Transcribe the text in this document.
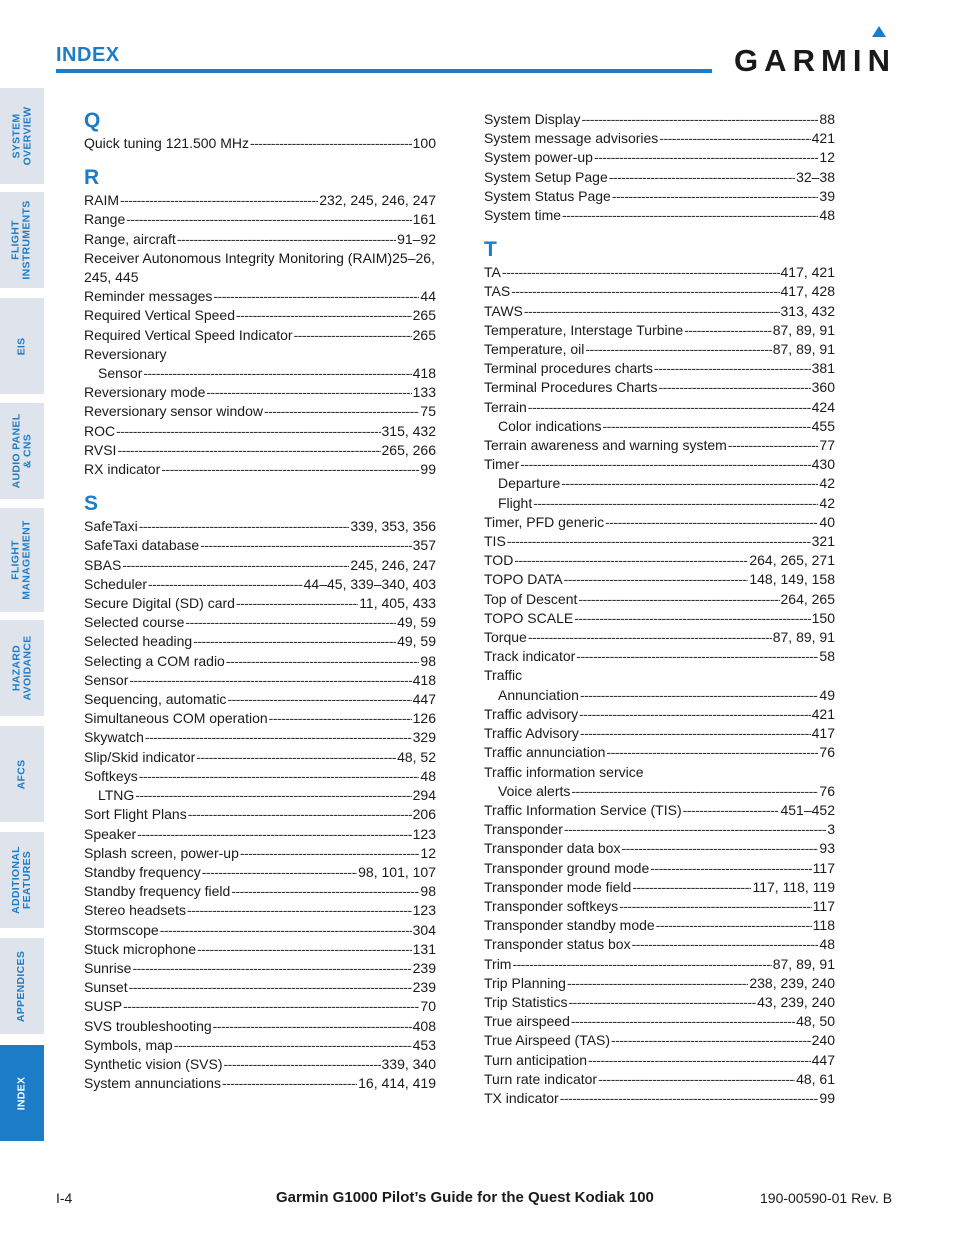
SYSTEM
OVERVIEW
FLIGHT
INSTRUMENTS
EIS
AUDIO PANEL
& CNS
FLIGHT
MANAGEMENT
HAZARD
AVOIDANCE
AFCS
ADDITIONAL
FEATURES
APPENDICES
INDEX
INDEX	GARMIN
Q
Quick tuning 121.500 MHz -----	100
R
RAIM -----	232, 245, 246, 247
Range -----	161
Range, aircraft -----	91–92
Receiver Autonomous Integrity Monitoring (RAIM)25–26, 245, 445
Reminder messages -----	44
Required Vertical Speed -----	265
Required Vertical Speed Indicator -----	265
Reversionary
Sensor -----	418
Reversionary mode -----	133
Reversionary sensor window -----	75
ROC -----	315, 432
RVSI -----	265, 266
RX indicator -----	99
S
SafeTaxi -----	339, 353, 356
SafeTaxi database -----	357
SBAS -----	245, 246, 247
Scheduler -----	44–45, 339–340, 403
Secure Digital (SD) card -----	11, 405, 433
Selected course -----	49, 59
Selected heading -----	49, 59
Selecting a COM radio -----	98
Sensor -----	418
Sequencing, automatic -----	447
Simultaneous COM operation -----	126
Skywatch -----	329
Slip/Skid indicator -----	48, 52
Softkeys -----	48
LTNG -----	294
Sort Flight Plans -----	206
Speaker -----	123
Splash screen, power-up -----	12
Standby frequency -----	98, 101, 107
Standby frequency field -----	98
Stereo headsets -----	123
Stormscope -----	304
Stuck microphone -----	131
Sunrise -----	239
Sunset -----	239
SUSP -----	70
SVS troubleshooting -----	408
Symbols, map -----	453
Synthetic vision (SVS) -----	339, 340
System annunciations -----	16, 414, 419
System Display -----	88
System message advisories -----	421
System power-up -----	12
System Setup Page -----	32–38
System Status Page -----	39
System time -----	48
T
TA -----	417, 421
TAS -----	417, 428
TAWS -----	313, 432
Temperature, Interstage Turbine -----	87, 89, 91
Temperature, oil -----	87, 89, 91
Terminal procedures charts -----	381
Terminal Procedures Charts -----	360
Terrain -----	424
Color indications -----	455
Terrain awareness and warning system -----	77
Timer -----	430
Departure -----	42
Flight -----	42
Timer, PFD generic -----	40
TIS -----	321
TOD -----	264, 265, 271
TOPO DATA -----	148, 149, 158
Top of Descent -----	264, 265
TOPO SCALE -----	150
Torque -----	87, 89, 91
Track indicator -----	58
Traffic
Annunciation -----	49
Traffic advisory -----	421
Traffic Advisory -----	417
Traffic annunciation -----	76
Traffic information service
Voice alerts -----	76
Traffic Information Service (TIS) -----	451–452
Transponder -----	3
Transponder data box -----	93
Transponder ground mode -----	117
Transponder mode field -----	117, 118, 119
Transponder softkeys -----	117
Transponder standby mode -----	118
Transponder status box -----	48
Trim -----	87, 89, 91
Trip Planning -----	238, 239, 240
Trip Statistics -----	43, 239, 240
True airspeed -----	48, 50
True Airspeed (TAS) -----	240
Turn anticipation -----	447
Turn rate indicator -----	48, 61
TX indicator -----	99
I-4	Garmin G1000 Pilot’s Guide for the Quest Kodiak 100	190-00590-01 Rev. B
